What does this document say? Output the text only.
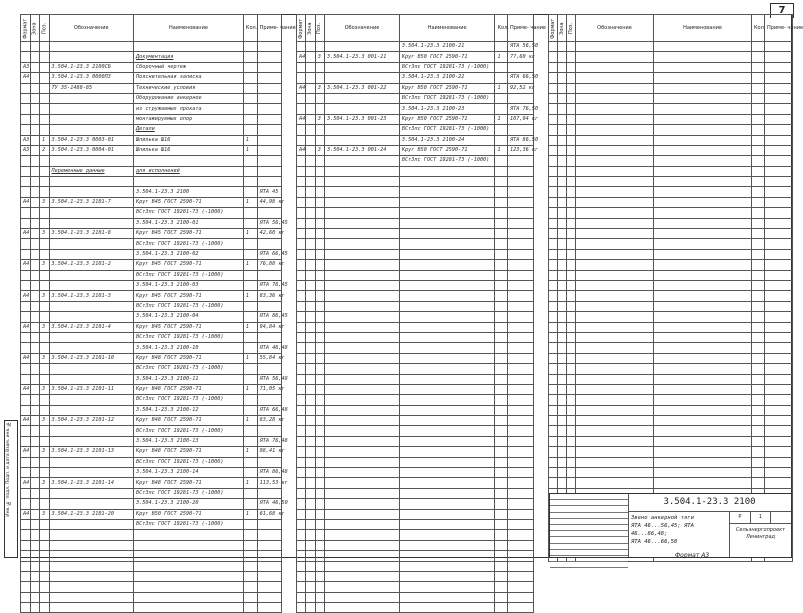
7
Инв. № подл. Подп. и дата Взам. инв. №
Формат	Зона	Поз.	Обозначение	Наименование	Кол.	Приме- чание

				Документация		
А3			3.504.1-23.3 2100СБ	Сборочный чертеж		
А4			3.504.1-23.3 0000ПЗ	Пояснительная записка		
			ТУ 35-1488-85	Технические условия		
				Оборудование анкерное		
				из сгружаемых проката		
				монтажируемых опор		
				Детали		
А3		1	3.504.1-23.3 0003-01	Шпилька Ш16	1	
А3		2	3.504.1-23.3 0004-01	Шпилька Ш16	1	

			Переменные данные	для исполнений		

				3.504.1-23.3 2100		ЯТА 45
А4		3	3.504.1-23.3 2101-7	Круг В45 ГОСТ 2590-71	1	44,98 кг
				ВСт3пс ГОСТ 19281-73 (-1000)		
				3.504.1-23.3 2100-01		ЯТА 56,45
А4		3	3.504.1-23.3 2101-8	Круг В45 ГОСТ 2590-71	1	42,60 кг
				ВСт3пс ГОСТ 19281-73 (-1000)		
				3.504.1-23.3 2100-02		ЯТА 66,45
А4		3	3.504.1-23.3 2101-2	Круг В45 ГОСТ 2590-71	1	76,88 кг
				ВСт3пс ГОСТ 19281-73 (-1000)		
				3.504.1-23.3 2100-03		ЯТА 76,45
А4		3	3.504.1-23.3 2101-3	Круг В45 ГОСТ 2590-71	1	83,36 кг
				ВСт3пс ГОСТ 19281-73 (-1000)		
				3.504.1-23.3 2100-04		ЯТА 86,45
А4		3	3.504.1-23.3 2101-4	Круг В45 ГОСТ 2590-71	1	94,84 кг
				ВСт3пс ГОСТ 19281-73 (-1000)		
				3.504.1-23.3 2100-10		ЯТА 46,48
А4		3	3.504.1-23.3 2101-10	Круг В48 ГОСТ 2590-71	1	55,84 кг
				ВСт3пс ГОСТ 19281-73 (-1000)		
				3.504.1-23.3 2100-11		ЯТА 56,48
А4		3	3.504.1-23.3 2101-11	Круг В48 ГОСТ 2590-71	1	71,05 кг
				ВСт3пс ГОСТ 19281-73 (-1000)		
				3.504.1-23.3 2100-12		ЯТА 66,48
А4		3	3.504.1-23.3 2101-12	Круг В48 ГОСТ 2590-71	1	83,28 кг
				ВСт3пс ГОСТ 19281-73 (-1000)		
				3.504.1-23.3 2100-13		ЯТА 76,48
А4		3	3.504.1-23.3 2101-13	Круг В48 ГОСТ 2590-71	1	98,41 кг
				ВСт3пс ГОСТ 19281-73 (-1000)		
				3.504.1-23.3 2100-14		ЯТА 86,48
А4		3	3.504.1-23.3 2101-14	Круг В48 ГОСТ 2590-71	1	113,53 кг
				ВСт3пс ГОСТ 19281-73 (-1000)		
				3.504.1-23.3 2100-20		ЯТА 46,50
А4		3	3.504.1-23.3 2101-20	Круг В50 ГОСТ 2590-71	1	61,68 кг
				ВСт3пс ГОСТ 19281-73 (-1000)		

Формат	Зона	Поз.	Обозначение	Наименование	Кол.	Приме- чание
				3.504.1-23.3 2100-21		ЯТА 56,50
А4		3	3.504.1-23.3 001-21	Круг В50 ГОСТ 2590-71	1	77,60 кг
				ВСт3пс ГОСТ 19281-73 (-1000)		
				3.504.1-23.3 2100-22		ЯТА 66,50
А4		3	3.504.1-23.3 001-22	Круг В50 ГОСТ 2590-71	1	92,52 кг
				ВСт3пс ГОСТ 19281-73 (-1000)		
				3.504.1-23.3 2100-23		ЯТА 76,50
А4		3	3.504.1-23.3 001-23	Круг В50 ГОСТ 2590-71	1	107,94 кг
				ВСт3пс ГОСТ 19281-73 (-1000)		
				3.504.1-23.3 2100-24		ЯТА 86,50
А4		3	3.504.1-23.3 001-24	Круг В50 ГОСТ 2590-71	1	123,36 кг
				ВСт3пс ГОСТ 19281-73 (-1000)		

Формат	Зона	Поз.	Обозначение	Наименование	Кол.	Приме- чание

3.504.1-23.3 2100
Звено анкерной тяги
ЯТА 46...56,45; ЯТА 46...86,48;
ЯТА 46...66,50
Р	1
Сельэнергопроект
Ленинград
Формат А3
